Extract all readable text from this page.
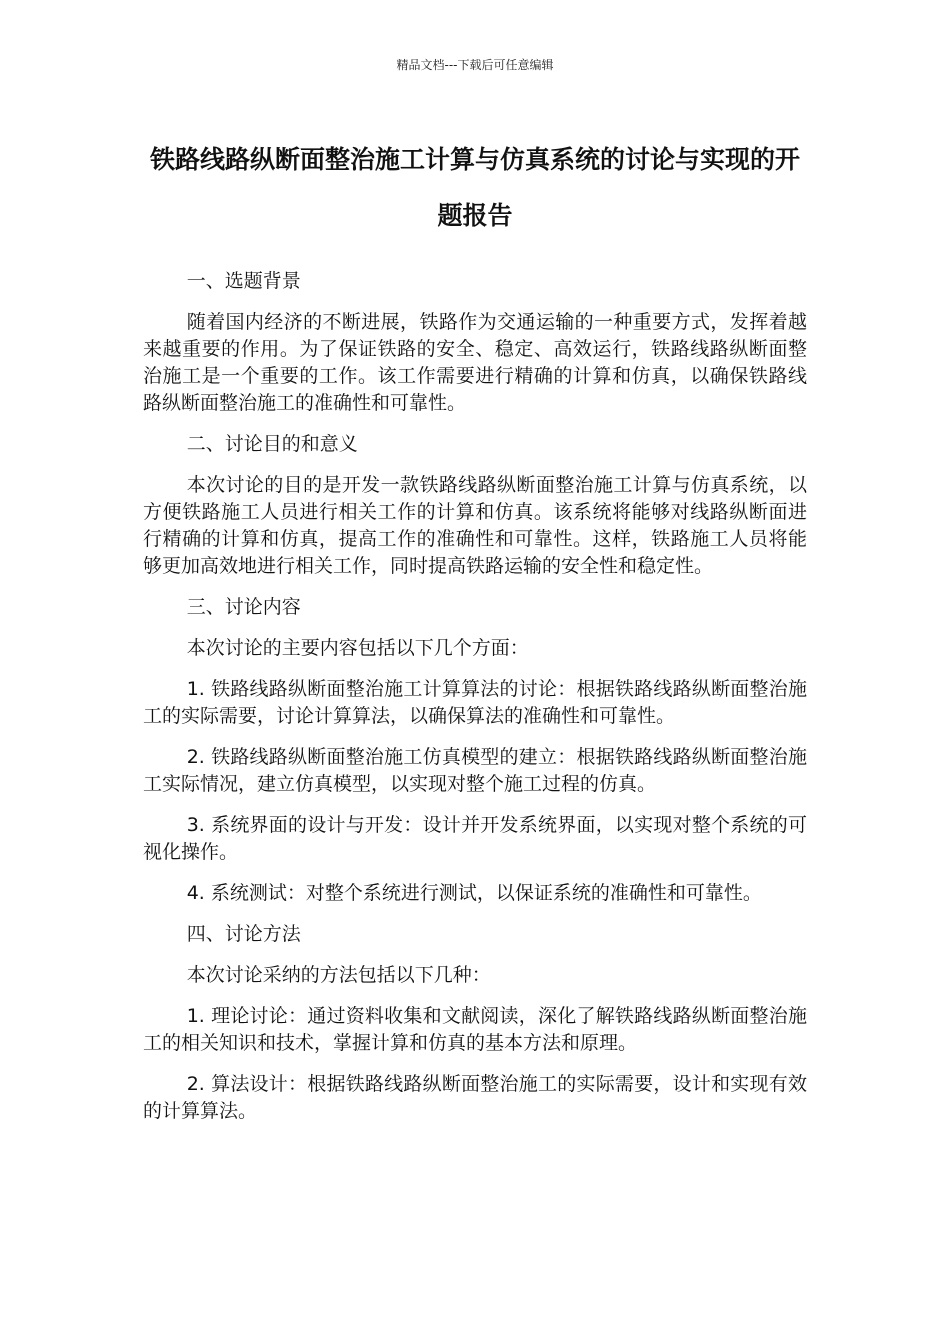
精品文档---下载后可任意编辑
铁路线路纵断面整治施工计算与仿真系统的讨论与实现的开题报告

一、选题背景

随着国内经济的不断进展，铁路作为交通运输的一种重要方式，发挥着越来越重要的作用。为了保证铁路的安全、稳定、高效运行，铁路线路纵断面整治施工是一个重要的工作。该工作需要进行精确的计算和仿真，以确保铁路线路纵断面整治施工的准确性和可靠性。

二、讨论目的和意义

本次讨论的目的是开发一款铁路线路纵断面整治施工计算与仿真系统，以方便铁路施工人员进行相关工作的计算和仿真。该系统将能够对线路纵断面进行精确的计算和仿真，提高工作的准确性和可靠性。这样，铁路施工人员将能够更加高效地进行相关工作，同时提高铁路运输的安全性和稳定性。

三、讨论内容

本次讨论的主要内容包括以下几个方面：

1. 铁路线路纵断面整治施工计算算法的讨论：根据铁路线路纵断面整治施工的实际需要，讨论计算算法，以确保算法的准确性和可靠性。

2. 铁路线路纵断面整治施工仿真模型的建立：根据铁路线路纵断面整治施工实际情况，建立仿真模型，以实现对整个施工过程的仿真。

3. 系统界面的设计与开发：设计并开发系统界面，以实现对整个系统的可视化操作。

4. 系统测试：对整个系统进行测试，以保证系统的准确性和可靠性。

四、讨论方法

本次讨论采纳的方法包括以下几种：

1. 理论讨论：通过资料收集和文献阅读，深化了解铁路线路纵断面整治施工的相关知识和技术，掌握计算和仿真的基本方法和原理。

2. 算法设计：根据铁路线路纵断面整治施工的实际需要，设计和实现有效的计算算法。
